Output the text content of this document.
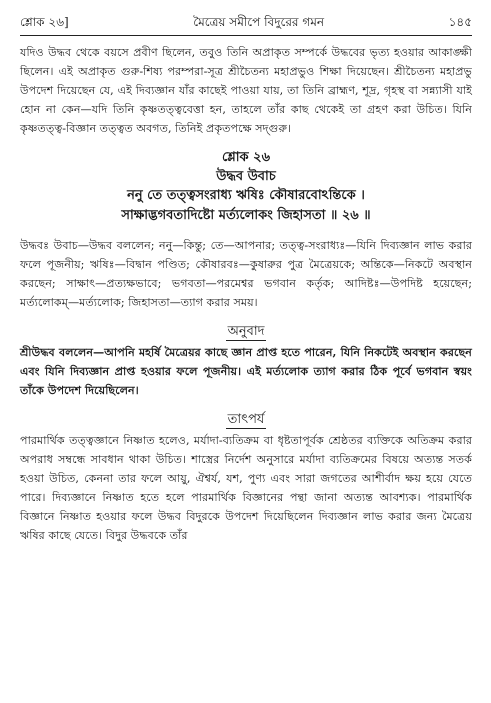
শ্লোক ২৬]	মৈত্রেয় সমীপে বিদুরের গমন	১৪৫

যদিও উদ্ধব থেকে বয়সে প্রবীণ ছিলেন, তবুও তিনি অপ্রাকৃত সম্পর্কে উদ্ধবের ভৃত্য হওয়ার আকাঙ্ক্ষী ছিলেন। এই অপ্রাকৃত গুরু-শিষ্য পরম্পরা-সূত্র শ্রীচৈতন্য মহাপ্রভুও শিক্ষা দিয়েছেন। শ্রীচৈতন্য মহাপ্রভু উপদেশ দিয়েছেন যে, এই দিব্যজ্ঞান যাঁর কাছেই পাওয়া যায়, তা তিনি ব্রাহ্মণ, শূদ্র, গৃহস্থ বা সন্ন্যাসী যাই হোন না কেন—যদি তিনি কৃষ্ণতত্ত্ববেত্তা হন, তাহলে তাঁর কাছ থেকেই তা গ্রহণ করা উচিত। যিনি কৃষ্ণতত্ত্ব-বিজ্ঞান তত্ত্বত অবগত, তিনিই প্রকৃতপক্ষে সদ্গুরু।

শ্লোক ২৬
উদ্ধব উবাচ
ননু তে তত্ত্বসংরাধ্য ঋষিঃ কৌষারবোঽন্তিকে ।
সাক্ষাদ্ভগবতাদিষ্টো মর্ত্যলোকং জিহাসতা ॥ ২৬ ॥

উদ্ধবঃ উবাচ—উদ্ধব বললেন; ননু—কিন্তু; তে—আপনার; তত্ত্ব-সংরাধ্যঃ—যিনি দিব্যজ্ঞান লাভ করার ফলে পূজনীয়; ঋষিঃ—বিদ্বান পণ্ডিত; কৌষারবঃ—কুষারুর পুত্র মৈত্রেয়কে; অন্তিকে—নিকটে অবস্থান করছেন; সাক্ষাৎ—প্রত্যক্ষভাবে; ভগবতা—পরমেশ্বর ভগবান কর্তৃক; আদিষ্টঃ—উপদিষ্ট হয়েছেন; মর্ত্যলোকম্—মর্ত্যলোক; জিহাসতা—ত্যাগ করার সময়।

অনুবাদ

শ্রীউদ্ধব বললেন—আপনি মহর্ষি মৈত্রেয়র কাছে জ্ঞান প্রাপ্ত হতে পারেন, যিনি নিকটেই অবস্থান করছেন এবং যিনি দিব্যজ্ঞান প্রাপ্ত হওয়ার ফলে পূজনীয়। এই মর্ত্যলোক ত্যাগ করার ঠিক পূর্বে ভগবান স্বয়ং তাঁকে উপদেশ দিয়েছিলেন।

তাৎপর্য

পারমার্থিক তত্ত্বজ্ঞানে নিষ্ণাত হলেও, মর্যাদা-ব্যতিক্রম বা ধৃষ্টতাপূর্বক শ্রেষ্ঠতর ব্যক্তিকে অতিক্রম করার অপরাধ সম্বন্ধে সাবধান থাকা উচিত। শাস্ত্রের নির্দেশ অনুসারে মর্যাদা ব্যতিক্রমের বিষয়ে অত্যন্ত সতর্ক হওয়া উচিত, কেননা তার ফলে আয়ু, ঐশ্বর্য, যশ, পুণ্য এবং সারা জগতের আশীর্বাদ ক্ষয় হয়ে যেতে পারে। দিব্যজ্ঞানে নিষ্ণাত হতে হলে পারমার্থিক বিজ্ঞানের পন্থা জানা অত্যন্ত আবশ্যক। পারমার্থিক বিজ্ঞানে নিষ্ণাত হওয়ার ফলে উদ্ধব বিদুরকে উপদেশ দিয়েছিলেন দিব্যজ্ঞান লাভ করার জন্য মৈত্রেয় ঋষির কাছে যেতে। বিদুর উদ্ধবকে তাঁর
